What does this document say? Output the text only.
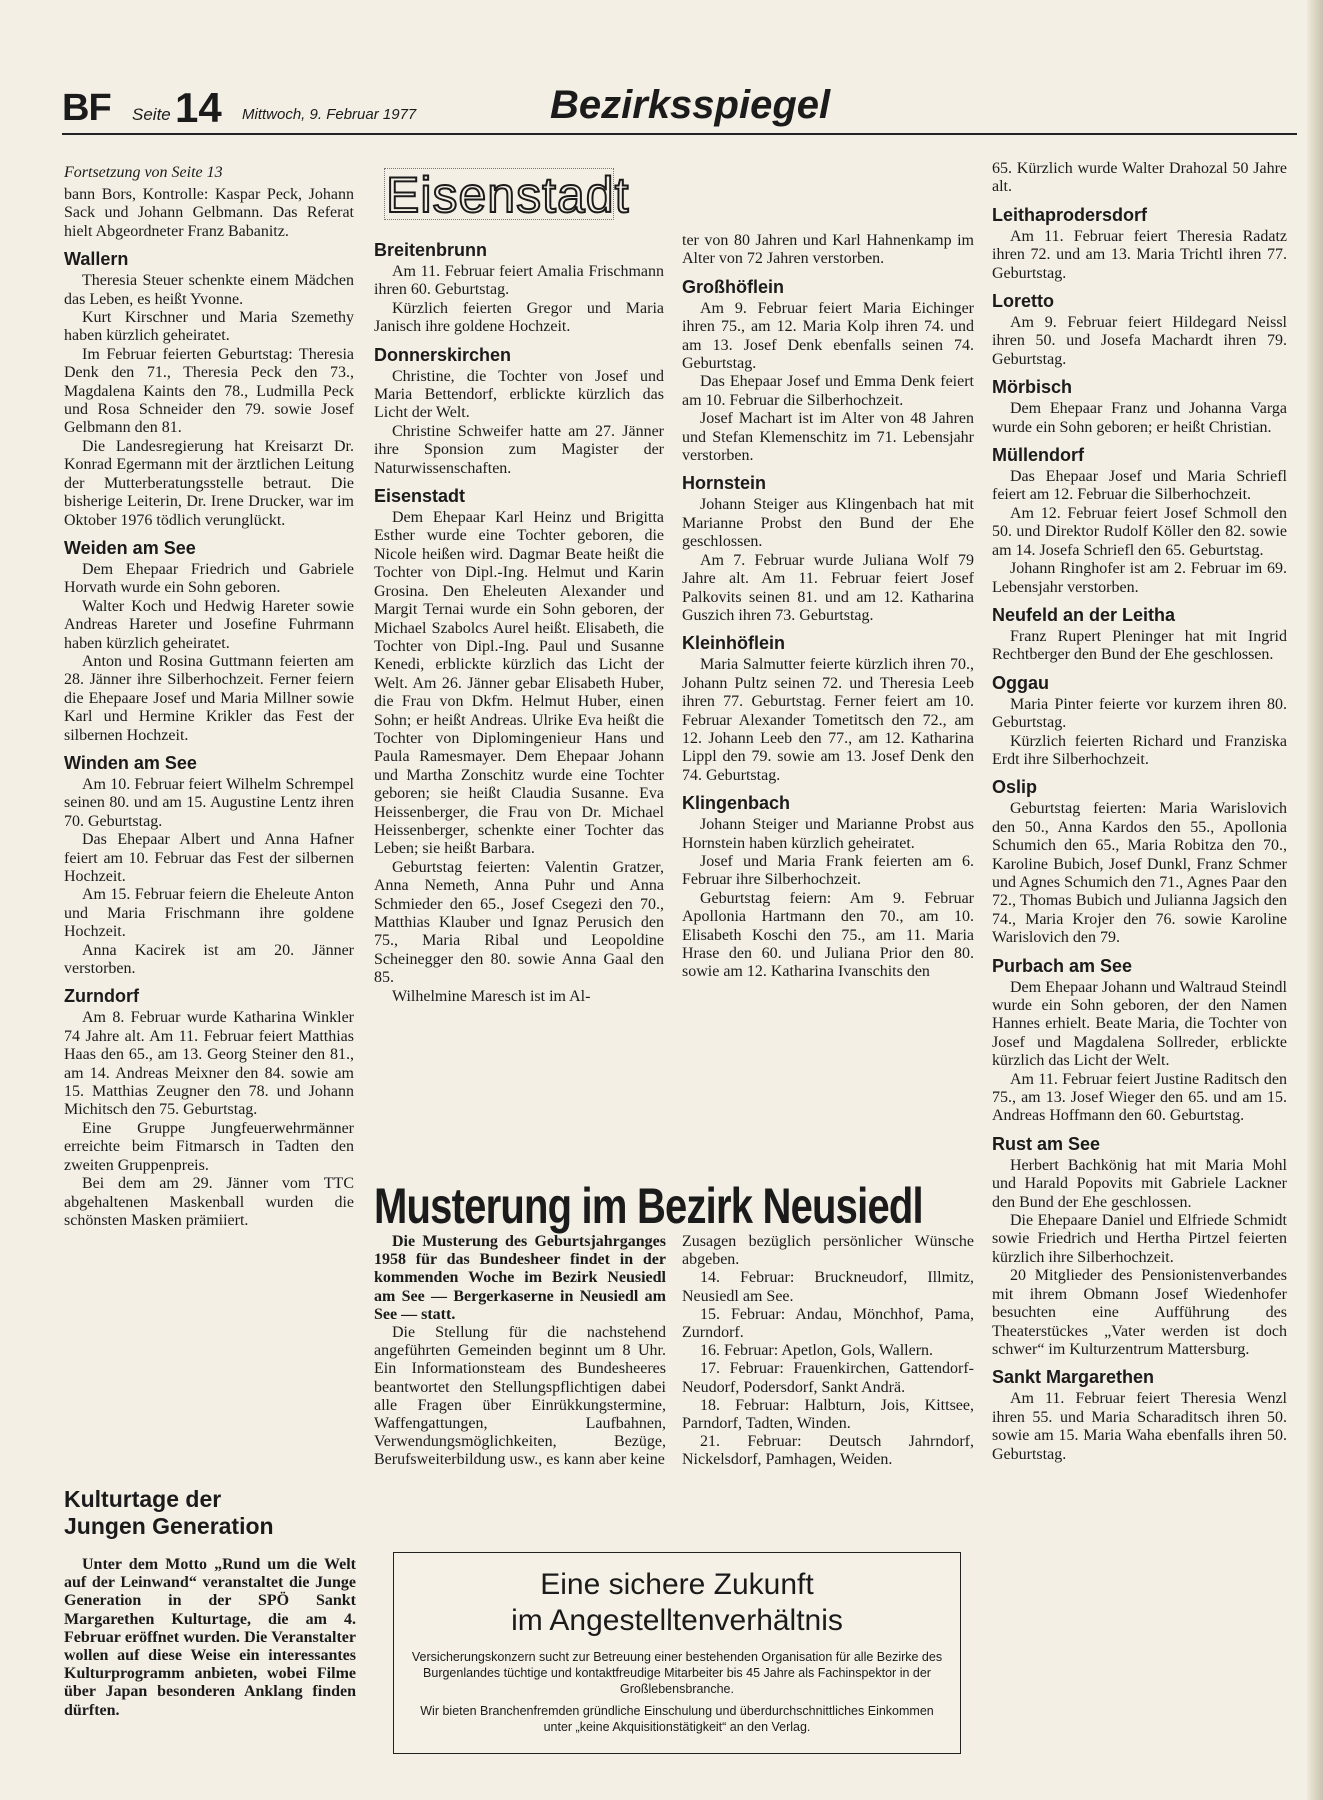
BF Seite 14 Mittwoch, 9. Februar 1977	Bezirksspiegel
Fortsetzung von Seite 13

bann Bors, Kontrolle: Kaspar Peck, Johann Sack und Johann Gelbmann. Das Referat hielt Abgeordneter Franz Babanitz.

Wallern

Theresia Steuer schenkte einem Mädchen das Leben, es heißt Yvonne.

Kurt Kirschner und Maria Szemethy haben kürzlich geheiratet.

Im Februar feierten Geburtstag: Theresia Denk den 71., Theresia Peck den 73., Magdalena Kaints den 78., Ludmilla Peck und Rosa Schneider den 79. sowie Josef Gelbmann den 81.

Die Landesregierung hat Kreisarzt Dr. Konrad Egermann mit der ärztlichen Leitung der Mutterberatungsstelle betraut. Die bisherige Leiterin, Dr. Irene Drucker, war im Oktober 1976 tödlich verunglückt.

Weiden am See

Dem Ehepaar Friedrich und Gabriele Horvath wurde ein Sohn geboren.

Walter Koch und Hedwig Hareter sowie Andreas Hareter und Josefine Fuhrmann haben kürzlich geheiratet.

Anton und Rosina Guttmann feierten am 28. Jänner ihre Silberhochzeit. Ferner feiern die Ehepaare Josef und Maria Millner sowie Karl und Hermine Krikler das Fest der silbernen Hochzeit.

Winden am See

Am 10. Februar feiert Wilhelm Schrempel seinen 80. und am 15. Augustine Lentz ihren 70. Geburtstag.

Das Ehepaar Albert und Anna Hafner feiert am 10. Februar das Fest der silbernen Hochzeit.

Am 15. Februar feiern die Eheleute Anton und Maria Frischmann ihre goldene Hochzeit.

Anna Kacirek ist am 20. Jänner verstorben.

Zurndorf

Am 8. Februar wurde Katharina Winkler 74 Jahre alt. Am 11. Februar feiert Matthias Haas den 65., am 13. Georg Steiner den 81., am 14. Andreas Meixner den 84. sowie am 15. Matthias Zeugner den 78. und Johann Michitsch den 75. Geburtstag.

Eine Gruppe Jungfeuerwehrmänner erreichte beim Fitmarsch in Tadten den zweiten Gruppenpreis.

Bei dem am 29. Jänner vom TTC abgehaltenen Maskenball wurden die schönsten Masken prämiiert.

Kulturtage der
Jungen Generation

Unter dem Motto „Rund um die Welt auf der Leinwand“ veranstaltet die Junge Generation in der SPÖ Sankt Margarethen Kulturtage, die am 4. Februar eröffnet wurden. Die Veranstalter wollen auf diese Weise ein interessantes Kulturprogramm anbieten, wobei Filme über Japan besonderen Anklang finden dürften.

Eisenstadt
Breitenbrunn

Am 11. Februar feiert Amalia Frischmann ihren 60. Geburtstag.

Kürzlich feierten Gregor und Maria Janisch ihre goldene Hochzeit.

Donnerskirchen

Christine, die Tochter von Josef und Maria Bettendorf, erblickte kürzlich das Licht der Welt.

Christine Schweifer hatte am 27. Jänner ihre Sponsion zum Magister der Naturwissenschaften.

Eisenstadt

Dem Ehepaar Karl Heinz und Brigitta Esther wurde eine Tochter geboren, die Nicole heißen wird. Dagmar Beate heißt die Tochter von Dipl.-Ing. Helmut und Karin Grosina. Den Eheleuten Alexander und Margit Ternai wurde ein Sohn geboren, der Michael Szabolcs Aurel heißt. Elisabeth, die Tochter von Dipl.-Ing. Paul und Susanne Kenedi, erblickte kürzlich das Licht der Welt. Am 26. Jänner gebar Elisabeth Huber, die Frau von Dkfm. Helmut Huber, einen Sohn; er heißt Andreas. Ulrike Eva heißt die Tochter von Diplomingenieur Hans und Paula Ramesmayer. Dem Ehepaar Johann und Martha Zonschitz wurde eine Tochter geboren; sie heißt Claudia Susanne. Eva Heissenberger, die Frau von Dr. Michael Heissenberger, schenkte einer Tochter das Leben; sie heißt Barbara.

Geburtstag feierten: Valentin Gratzer, Anna Nemeth, Anna Puhr und Anna Schmieder den 65., Josef Csegezi den 70., Matthias Klauber und Ignaz Perusich den 75., Maria Ribal und Leopoldine Scheinegger den 80. sowie Anna Gaal den 85.

Wilhelmine Maresch ist im Al-

ter von 80 Jahren und Karl Hahnenkamp im Alter von 72 Jahren verstorben.

Großhöflein

Am 9. Februar feiert Maria Eichinger ihren 75., am 12. Maria Kolp ihren 74. und am 13. Josef Denk ebenfalls seinen 74. Geburtstag.

Das Ehepaar Josef und Emma Denk feiert am 10. Februar die Silberhochzeit.

Josef Machart ist im Alter von 48 Jahren und Stefan Klemenschitz im 71. Lebensjahr verstorben.

Hornstein

Johann Steiger aus Klingenbach hat mit Marianne Probst den Bund der Ehe geschlossen.

Am 7. Februar wurde Juliana Wolf 79 Jahre alt. Am 11. Februar feiert Josef Palkovits seinen 81. und am 12. Katharina Guszich ihren 73. Geburtstag.

Kleinhöflein

Maria Salmutter feierte kürzlich ihren 70., Johann Pultz seinen 72. und Theresia Leeb ihren 77. Geburtstag. Ferner feiert am 10. Februar Alexander Tometitsch den 72., am 12. Johann Leeb den 77., am 12. Katharina Lippl den 79. sowie am 13. Josef Denk den 74. Geburtstag.

Klingenbach

Johann Steiger und Marianne Probst aus Hornstein haben kürzlich geheiratet.

Josef und Maria Frank feierten am 6. Februar ihre Silberhochzeit.

Geburtstag feiern: Am 9. Februar Apollonia Hartmann den 70., am 10. Elisabeth Koschi den 75., am 11. Maria Hrase den 60. und Juliana Prior den 80. sowie am 12. Katharina Ivanschits den

65. Kürzlich wurde Walter Drahozal 50 Jahre alt.

Leithaprodersdorf

Am 11. Februar feiert Theresia Radatz ihren 72. und am 13. Maria Trichtl ihren 77. Geburtstag.

Loretto

Am 9. Februar feiert Hildegard Neissl ihren 50. und Josefa Machardt ihren 79. Geburtstag.

Mörbisch

Dem Ehepaar Franz und Johanna Varga wurde ein Sohn geboren; er heißt Christian.

Müllendorf

Das Ehepaar Josef und Maria Schriefl feiert am 12. Februar die Silberhochzeit.

Am 12. Februar feiert Josef Schmoll den 50. und Direktor Rudolf Köller den 82. sowie am 14. Josefa Schriefl den 65. Geburtstag.

Johann Ringhofer ist am 2. Februar im 69. Lebensjahr verstorben.

Neufeld an der Leitha

Franz Rupert Pleninger hat mit Ingrid Rechtberger den Bund der Ehe geschlossen.

Oggau

Maria Pinter feierte vor kurzem ihren 80. Geburtstag.

Kürzlich feierten Richard und Franziska Erdt ihre Silberhochzeit.

Oslip

Geburtstag feierten: Maria Warislovich den 50., Anna Kardos den 55., Apollonia Schumich den 65., Maria Robitza den 70., Karoline Bubich, Josef Dunkl, Franz Schmer und Agnes Schumich den 71., Agnes Paar den 72., Thomas Bubich und Julianna Jagsich den 74., Maria Krojer den 76. sowie Karoline Warislovich den 79.

Purbach am See

Dem Ehepaar Johann und Waltraud Steindl wurde ein Sohn geboren, der den Namen Hannes erhielt. Beate Maria, die Tochter von Josef und Magdalena Sollreder, erblickte kürzlich das Licht der Welt.

Am 11. Februar feiert Justine Raditsch den 75., am 13. Josef Wieger den 65. und am 15. Andreas Hoffmann den 60. Geburtstag.

Rust am See

Herbert Bachkönig hat mit Maria Mohl und Harald Popovits mit Gabriele Lackner den Bund der Ehe geschlossen.

Die Ehepaare Daniel und Elfriede Schmidt sowie Friedrich und Hertha Pirtzel feierten kürzlich ihre Silberhochzeit.

20 Mitglieder des Pensionistenverbandes mit ihrem Obmann Josef Wiedenhofer besuchten eine Aufführung des Theaterstückes „Vater werden ist doch schwer“ im Kulturzentrum Mattersburg.

Sankt Margarethen

Am 11. Februar feiert Theresia Wenzl ihren 55. und Maria Scharaditsch ihren 50. sowie am 15. Maria Waha ebenfalls ihren 50. Geburtstag.

Musterung im Bezirk Neusiedl

Die Musterung des Geburtsjahrganges 1958 für das Bundesheer findet in der kommenden Woche im Bezirk Neusiedl am See — Bergerkaserne in Neusiedl am See — statt.

Die Stellung für die nachstehend angeführten Gemeinden beginnt um 8 Uhr. Ein Informationsteam des Bundesheeres beantwortet den Stellungspflichtigen dabei alle Fragen über Einrükkungstermine, Waffengattungen, Laufbahnen, Verwendungsmöglichkeiten, Bezüge, Berufsweiterbildung usw., es kann aber keine

Zusagen bezüglich persönlicher Wünsche abgeben.

14. Februar: Bruckneudorf, Illmitz, Neusiedl am See.

15. Februar: Andau, Mönchhof, Pama, Zurndorf.

16. Februar: Apetlon, Gols, Wallern.

17. Februar: Frauenkirchen, Gattendorf-Neudorf, Podersdorf, Sankt Andrä.

18. Februar: Halbturn, Jois, Kittsee, Parndorf, Tadten, Winden.

21. Februar: Deutsch Jahrndorf, Nickelsdorf, Pamhagen, Weiden.

Eine sichere Zukunft
im Angestelltenverhältnis

Versicherungskonzern sucht zur Betreuung einer bestehenden Organisation für alle Bezirke des Burgenlandes tüchtige und kontaktfreudige Mitarbeiter bis 45 Jahre als Fachinspektor in der Großlebensbranche.

Wir bieten Branchenfremden gründliche Einschulung und überdurchschnittliches Einkommen unter „keine Akquisitionstätigkeit“ an den Verlag.
